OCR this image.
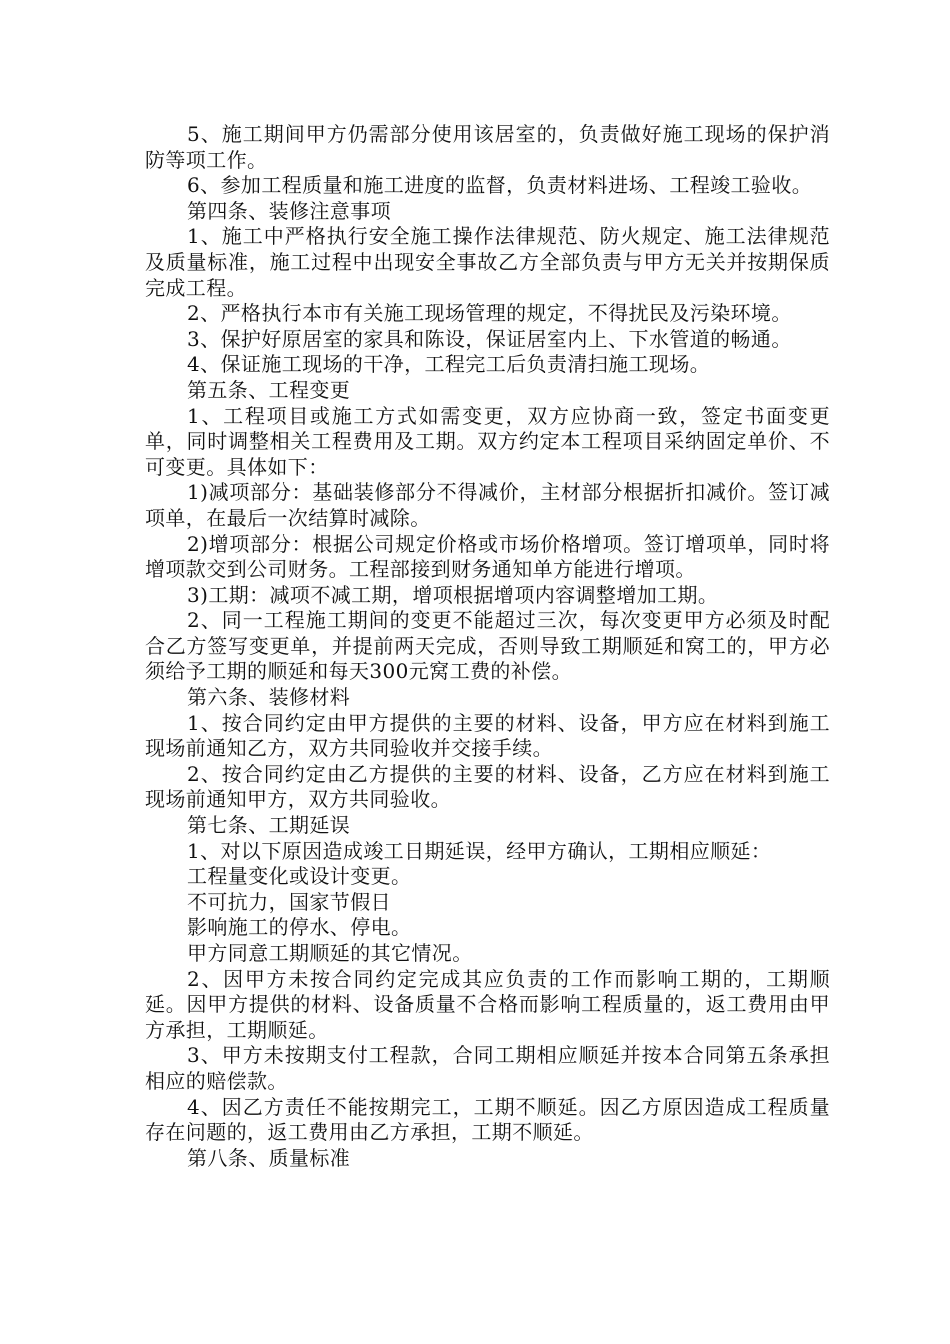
5、施工期间甲方仍需部分使用该居室的，负责做好施工现场的保护消防等项工作。

6、参加工程质量和施工进度的监督，负责材料进场、工程竣工验收。

第四条、装修注意事项

1、施工中严格执行安全施工操作法律规范、防火规定、施工法律规范及质量标准，施工过程中出现安全事故乙方全部负责与甲方无关并按期保质完成工程。

2、严格执行本市有关施工现场管理的规定，不得扰民及污染环境。

3、保护好原居室的家具和陈设，保证居室内上、下水管道的畅通。

4、保证施工现场的干净，工程完工后负责清扫施工现场。

第五条、工程变更

1、工程项目或施工方式如需变更，双方应协商一致，签定书面变更单，同时调整相关工程费用及工期。双方约定本工程项目采纳固定单价、不可变更。具体如下：

1)减项部分：基础装修部分不得减价，主材部分根据折扣减价。签订减项单，在最后一次结算时减除。

2)增项部分：根据公司规定价格或市场价格增项。签订增项单，同时将增项款交到公司财务。工程部接到财务通知单方能进行增项。

3)工期：减项不减工期，增项根据增项内容调整增加工期。

2、同一工程施工期间的变更不能超过三次，每次变更甲方必须及时配合乙方签写变更单，并提前两天完成，否则导致工期顺延和窝工的，甲方必须给予工期的顺延和每天300元窝工费的补偿。

第六条、装修材料

1、按合同约定由甲方提供的主要的材料、设备，甲方应在材料到施工现场前通知乙方，双方共同验收并交接手续。

2、按合同约定由乙方提供的主要的材料、设备，乙方应在材料到施工现场前通知甲方，双方共同验收。

第七条、工期延误

1、对以下原因造成竣工日期延误，经甲方确认，工期相应顺延：

工程量变化或设计变更。

不可抗力，国家节假日

影响施工的停水、停电。

甲方同意工期顺延的其它情况。

2、因甲方未按合同约定完成其应负责的工作而影响工期的，工期顺延。因甲方提供的材料、设备质量不合格而影响工程质量的，返工费用由甲方承担，工期顺延。

3、甲方未按期支付工程款，合同工期相应顺延并按本合同第五条承担相应的赔偿款。

4、因乙方责任不能按期完工，工期不顺延。因乙方原因造成工程质量存在问题的，返工费用由乙方承担，工期不顺延。

第八条、质量标准
